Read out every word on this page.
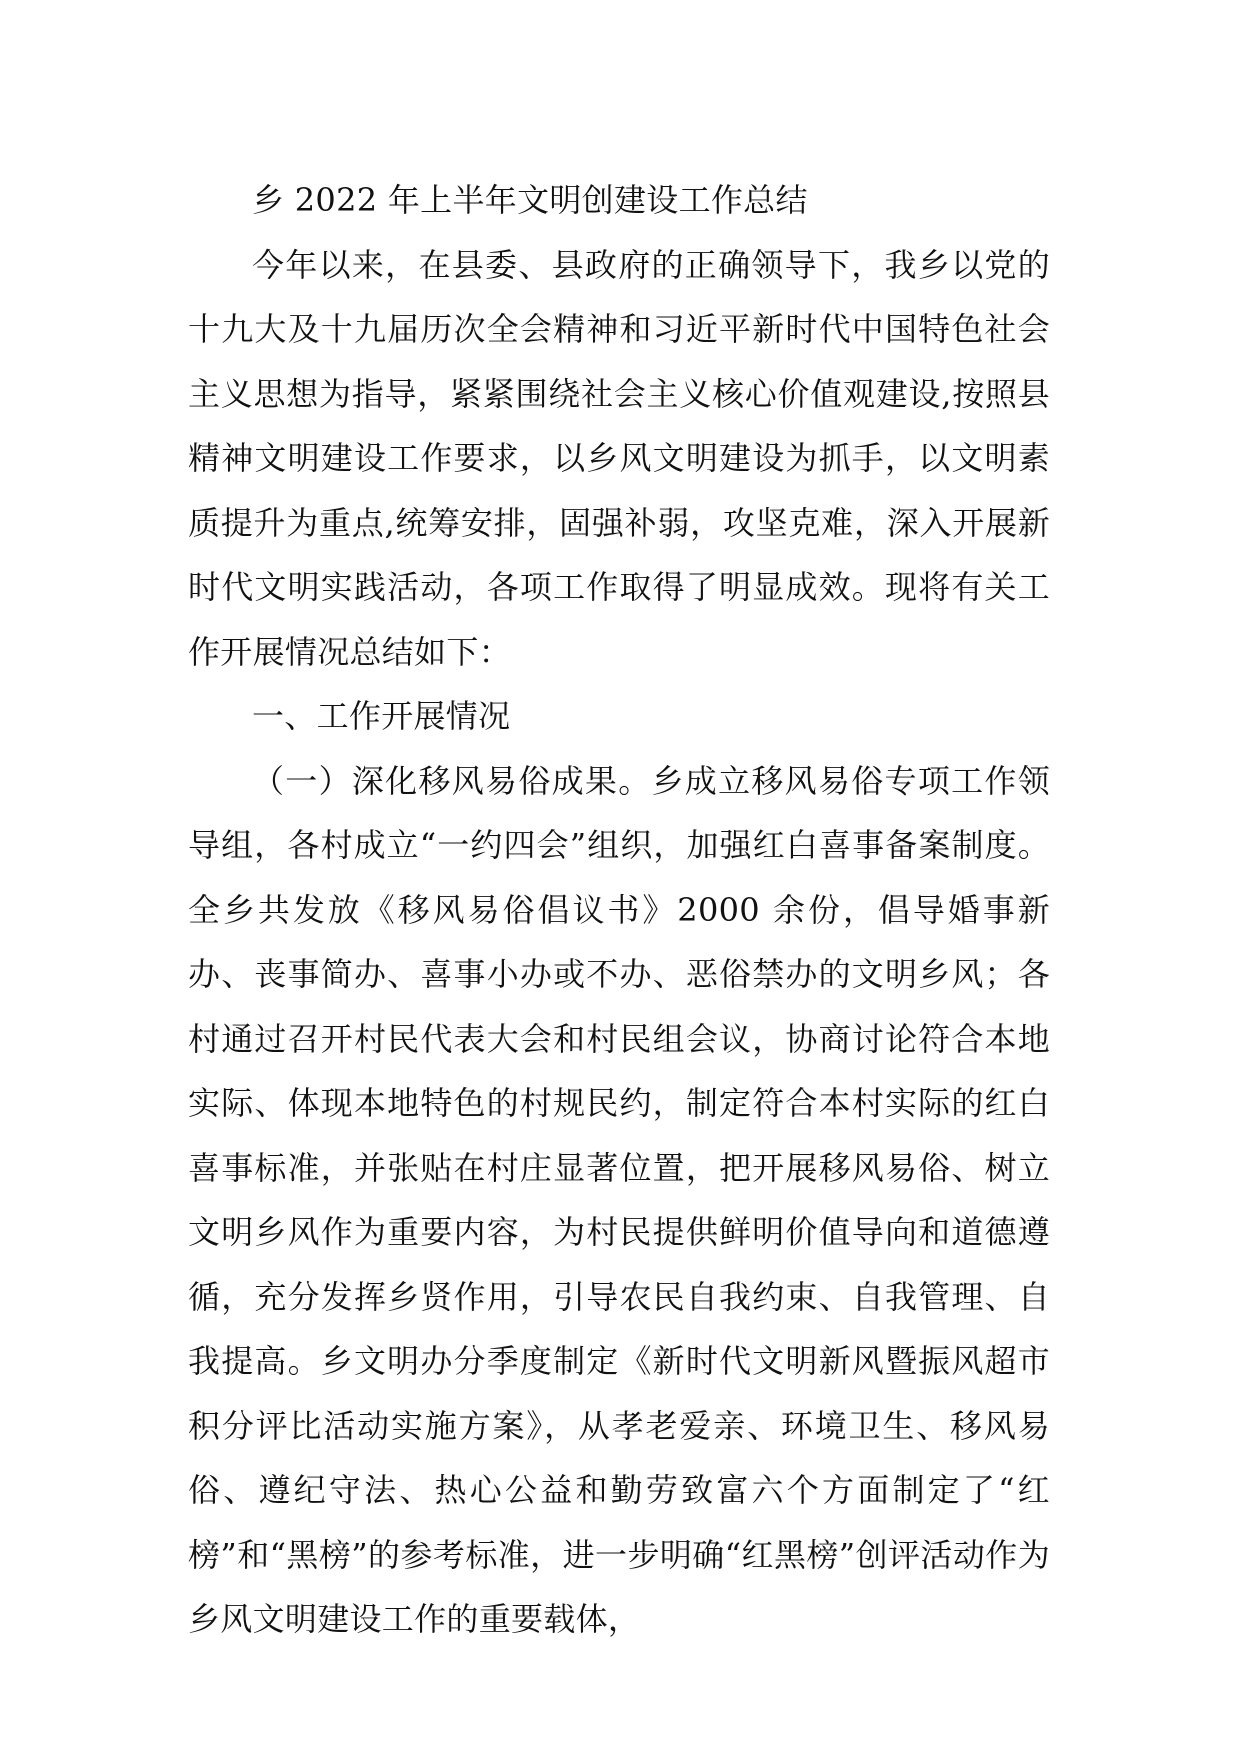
乡 2022 年上半年文明创建设工作总结

今年以来，在县委、县政府的正确领导下，我乡以党的十九大及十九届历次全会精神和习近平新时代中国特色社会主义思想为指导，紧紧围绕社会主义核心价值观建设,按照县精神文明建设工作要求，以乡风文明建设为抓手，以文明素质提升为重点,统筹安排，固强补弱，攻坚克难，深入开展新时代文明实践活动，各项工作取得了明显成效。现将有关工作开展情况总结如下：

一、工作开展情况

（一）深化移风易俗成果。乡成立移风易俗专项工作领导组，各村成立“一约四会”组织，加强红白喜事备案制度。全乡共发放《移风易俗倡议书》2000 余份，倡导婚事新办、丧事简办、喜事小办或不办、恶俗禁办的文明乡风；各村通过召开村民代表大会和村民组会议，协商讨论符合本地实际、体现本地特色的村规民约，制定符合本村实际的红白喜事标准，并张贴在村庄显著位置，把开展移风易俗、树立文明乡风作为重要内容，为村民提供鲜明价值导向和道德遵循，充分发挥乡贤作用，引导农民自我约束、自我管理、自我提高。乡文明办分季度制定《新时代文明新风暨振风超市积分评比活动实施方案》，从孝老爱亲、环境卫生、移风易俗、遵纪守法、热心公益和勤劳致富六个方面制定了“红榜”和“黑榜”的参考标准，进一步明确“红黑榜”创评活动作为乡风文明建设工作的重要载体，
